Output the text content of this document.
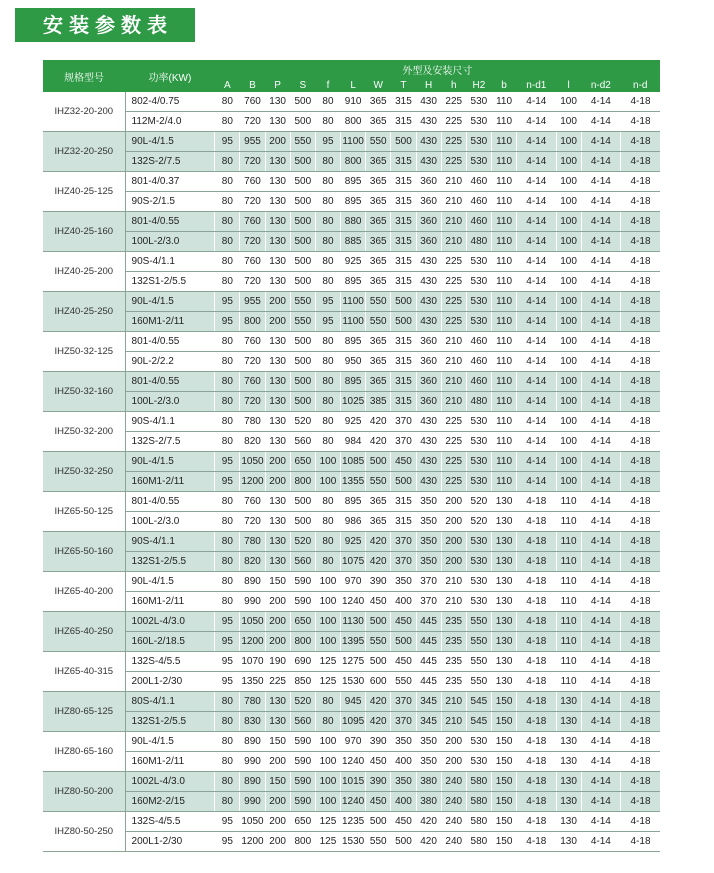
安装参数表
规格型号	功率(KW)	外型及安装尺寸															
		A	B	P	S	f	L	W	T	H	h	H2	b	n-d1	l	n-d2	n-d
IHZ32-20-200	802-4/0.75	80	760	130	500	80	910	365	315	430	225	530	110	4-14	100	4-14	4-18
	112M-2/4.0	80	720	130	500	80	800	365	315	430	225	530	110	4-14	100	4-14	4-18
IHZ32-20-250	90L-4/1.5	95	955	200	550	95	1100	550	500	430	225	530	110	4-14	100	4-14	4-18
	132S-2/7.5	80	720	130	500	80	800	365	315	430	225	530	110	4-14	100	4-14	4-18
IHZ40-25-125	801-4/0.37	80	760	130	500	80	895	365	315	360	210	460	110	4-14	100	4-14	4-18
	90S-2/1.5	80	720	130	500	80	895	365	315	360	210	460	110	4-14	100	4-14	4-18
IHZ40-25-160	801-4/0.55	80	760	130	500	80	880	365	315	360	210	460	110	4-14	100	4-14	4-18
	100L-2/3.0	80	720	130	500	80	885	365	315	360	210	480	110	4-14	100	4-14	4-18
IHZ40-25-200	90S-4/1.1	80	760	130	500	80	925	365	315	430	225	530	110	4-14	100	4-14	4-18
	132S1-2/5.5	80	720	130	500	80	895	365	315	430	225	530	110	4-14	100	4-14	4-18
IHZ40-25-250	90L-4/1.5	95	955	200	550	95	1100	550	500	430	225	530	110	4-14	100	4-14	4-18
	160M1-2/11	95	800	200	550	95	1100	550	500	430	225	530	110	4-14	100	4-14	4-18
IHZ50-32-125	801-4/0.55	80	760	130	500	80	895	365	315	360	210	460	110	4-14	100	4-14	4-18
	90L-2/2.2	80	720	130	500	80	950	365	315	360	210	460	110	4-14	100	4-14	4-18
IHZ50-32-160	801-4/0.55	80	760	130	500	80	895	365	315	360	210	460	110	4-14	100	4-14	4-18
	100L-2/3.0	80	720	130	500	80	1025	385	315	360	210	480	110	4-14	100	4-14	4-18
IHZ50-32-200	90S-4/1.1	80	780	130	520	80	925	420	370	430	225	530	110	4-14	100	4-14	4-18
	132S-2/7.5	80	820	130	560	80	984	420	370	430	225	530	110	4-14	100	4-14	4-18
IHZ50-32-250	90L-4/1.5	95	1050	200	650	100	1085	500	450	430	225	530	110	4-14	100	4-14	4-18
	160M1-2/11	95	1200	200	800	100	1355	550	500	430	225	530	110	4-14	100	4-14	4-18
IHZ65-50-125	801-4/0.55	80	760	130	500	80	895	365	315	350	200	520	130	4-18	110	4-14	4-18
	100L-2/3.0	80	720	130	500	80	986	365	315	350	200	520	130	4-18	110	4-14	4-18
IHZ65-50-160	90S-4/1.1	80	780	130	520	80	925	420	370	350	200	530	130	4-18	110	4-14	4-18
	132S1-2/5.5	80	820	130	560	80	1075	420	370	350	200	530	130	4-18	110	4-14	4-18
IHZ65-40-200	90L-4/1.5	80	890	150	590	100	970	390	350	370	210	530	130	4-18	110	4-14	4-18
	160M1-2/11	80	990	200	590	100	1240	450	400	370	210	530	130	4-18	110	4-14	4-18
IHZ65-40-250	1002L-4/3.0	95	1050	200	650	100	1130	500	450	445	235	550	130	4-18	110	4-14	4-18
	160L-2/18.5	95	1200	200	800	100	1395	550	500	445	235	550	130	4-18	110	4-14	4-18
IHZ65-40-315	132S-4/5.5	95	1070	190	690	125	1275	500	450	445	235	550	130	4-18	110	4-14	4-18
	200L1-2/30	95	1350	225	850	125	1530	600	550	445	235	550	130	4-18	110	4-14	4-18
IHZ80-65-125	80S-4/1.1	80	780	130	520	80	945	420	370	345	210	545	150	4-18	130	4-14	4-18
	132S1-2/5.5	80	830	130	560	80	1095	420	370	345	210	545	150	4-18	130	4-14	4-18
IHZ80-65-160	90L-4/1.5	80	890	150	590	100	970	390	350	350	200	530	150	4-18	130	4-14	4-18
	160M1-2/11	80	990	200	590	100	1240	450	400	350	200	530	150	4-18	130	4-14	4-18
IHZ80-50-200	1002L-4/3.0	80	890	150	590	100	1015	390	350	380	240	580	150	4-18	130	4-14	4-18
	160M2-2/15	80	990	200	590	100	1240	450	400	380	240	580	150	4-18	130	4-14	4-18
IHZ80-50-250	132S-4/5.5	95	1050	200	650	125	1235	500	450	420	240	580	150	4-18	130	4-14	4-18
	200L1-2/30	95	1200	200	800	125	1530	550	500	420	240	580	150	4-18	130	4-14	4-18
